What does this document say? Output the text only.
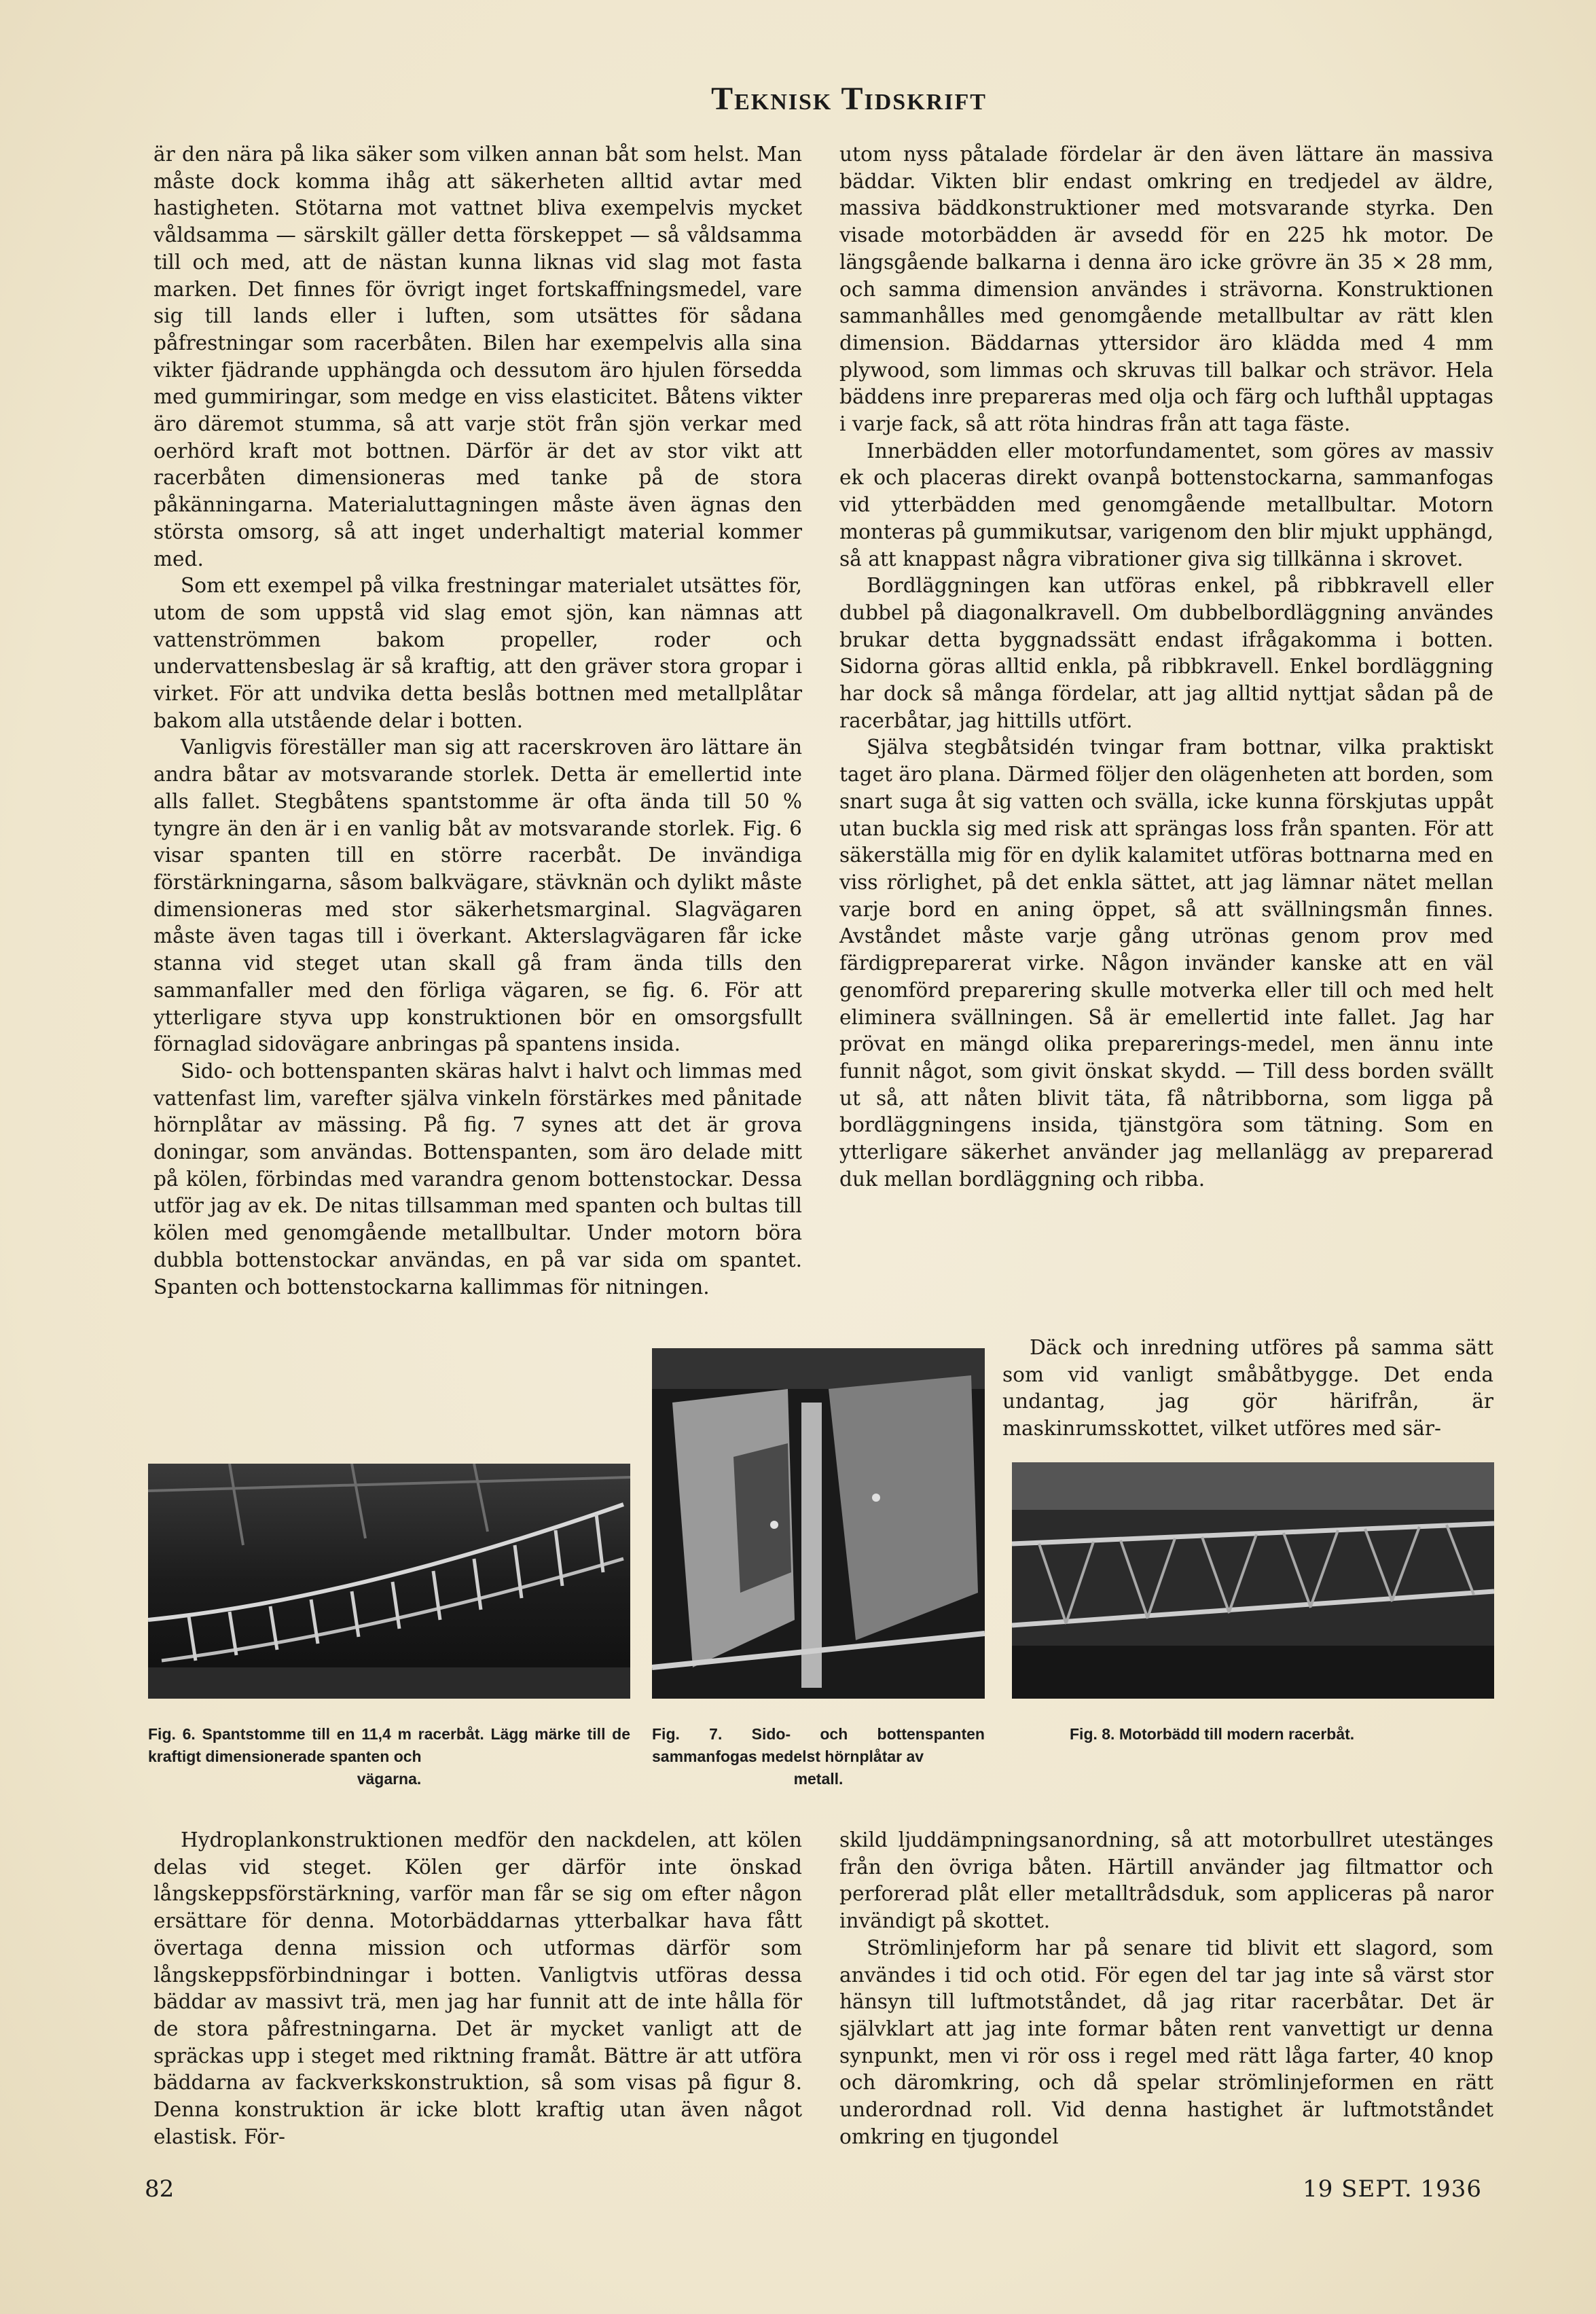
Teknisk Tidskrift

är den nära på lika säker som vilken annan båt som helst. Man måste dock komma ihåg att säkerheten alltid avtar med hastigheten. Stötarna mot vattnet bliva exempelvis mycket våldsamma — särskilt gäller detta förskeppet — så våldsamma till och med, att de nästan kunna liknas vid slag mot fasta marken. Det finnes för övrigt inget fortskaffningsmedel, vare sig till lands eller i luften, som utsättes för sådana påfrestningar som racerbåten. Bilen har exempelvis alla sina vikter fjädrande upphängda och dessutom äro hjulen försedda med gummiringar, som medge en viss elasticitet. Båtens vikter äro däremot stumma, så att varje stöt från sjön verkar med oerhörd kraft mot bottnen. Därför är det av stor vikt att racerbåten dimensioneras med tanke på de stora påkänningarna. Materialuttagningen måste även ägnas den största omsorg, så att inget underhaltigt material kommer med.

Som ett exempel på vilka frestningar materialet utsättes för, utom de som uppstå vid slag emot sjön, kan nämnas att vattenströmmen bakom propeller, roder och undervattensbeslag är så kraftig, att den gräver stora gropar i virket. För att undvika detta beslås bottnen med metallplåtar bakom alla utstående delar i botten.

Vanligvis föreställer man sig att racerskroven äro lättare än andra båtar av motsvarande storlek. Detta är emellertid inte alls fallet. Stegbåtens spantstomme är ofta ända till 50 % tyngre än den är i en vanlig båt av motsvarande storlek. Fig. 6 visar spanten till en större racerbåt. De invändiga förstärkningarna, såsom balkvägare, stävknän och dylikt måste dimensioneras med stor säkerhetsmarginal. Slagvägaren måste även tagas till i överkant. Akterslagvägaren får icke stanna vid steget utan skall gå fram ända tills den sammanfaller med den förliga vägaren, se fig. 6. För att ytterligare styva upp konstruktionen bör en omsorgsfullt förnaglad sidovägare anbringas på spantens insida.

Sido- och bottenspanten skäras halvt i halvt och limmas med vattenfast lim, varefter själva vinkeln förstärkes med pånitade hörnplåtar av mässing. På fig. 7 synes att det är grova doningar, som användas. Bottenspanten, som äro delade mitt på kölen, förbindas med varandra genom bottenstockar. Dessa utför jag av ek. De nitas tillsamman med spanten och bultas till kölen med genomgående metallbultar. Under motorn böra dubbla bottenstockar användas, en på var sida om spantet. Spanten och bottenstockarna kallimmas för nitningen.

utom nyss påtalade fördelar är den även lättare än massiva bäddar. Vikten blir endast omkring en tredjedel av äldre, massiva bäddkonstruktioner med motsvarande styrka. Den visade motorbädden är avsedd för en 225 hk motor. De längsgående balkarna i denna äro icke grövre än 35 × 28 mm, och samma dimension användes i strävorna. Konstruktionen sammanhålles med genomgående metallbultar av rätt klen dimension. Bäddarnas yttersidor äro klädda med 4 mm plywood, som limmas och skruvas till balkar och strävor. Hela bäddens inre prepareras med olja och färg och lufthål upptagas i varje fack, så att röta hindras från att taga fäste.

Innerbädden eller motorfundamentet, som göres av massiv ek och placeras direkt ovanpå bottenstockarna, sammanfogas vid ytterbädden med genomgående metallbultar. Motorn monteras på gummikutsar, varigenom den blir mjukt upphängd, så att knappast några vibrationer giva sig tillkänna i skrovet.

Bordläggningen kan utföras enkel, på ribbkravell eller dubbel på diagonalkravell. Om dubbelbordläggning användes brukar detta byggnadssätt endast ifrågakomma i botten. Sidorna göras alltid enkla, på ribbkravell. Enkel bordläggning har dock så många fördelar, att jag alltid nyttjat sådan på de racerbåtar, jag hittills utfört.

Själva stegbåtsidén tvingar fram bottnar, vilka praktiskt taget äro plana. Därmed följer den olägenheten att borden, som snart suga åt sig vatten och svälla, icke kunna förskjutas uppåt utan buckla sig med risk att sprängas loss från spanten. För att säkerställa mig för en dylik kalamitet utföras bottnarna med en viss rörlighet, på det enkla sättet, att jag lämnar nätet mellan varje bord en aning öppet, så att svällningsmån finnes. Avståndet måste varje gång utrönas genom prov med färdigpreparerat virke. Någon invänder kanske att en väl genomförd preparering skulle motverka eller till och med helt eliminera svällningen. Så är emellertid inte fallet. Jag har prövat en mängd olika preparerings-medel, men ännu inte funnit något, som givit önskat skydd. — Till dess borden svällt ut så, att nåten blivit täta, få nåtribborna, som ligga på bordläggningens insida, tjänstgöra som tätning. Som en ytterligare säkerhet använder jag mellanlägg av preparerad duk mellan bordläggning och ribba.

Däck och inredning utföres på samma sätt som vid vanligt småbåtbygge. Det enda undantag, jag gör härifrån, är maskinrumsskottet, vilket utföres med sär-

Fig. 6. Spantstomme till en 11,4 m racerbåt. Lägg märke till de kraftigt dimensionerade spanten och
vägarna.
Fig. 7. Sido- och bottenspanten sammanfogas medelst hörnplåtar av
metall.
Fig. 8. Motorbädd till modern racerbåt.

Hydroplankonstruktionen medför den nackdelen, att kölen delas vid steget. Kölen ger därför inte önskad långskeppsförstärkning, varför man får se sig om efter någon ersättare för denna. Motorbäddarnas ytterbalkar hava fått övertaga denna mission och utformas därför som långskeppsförbindningar i botten. Vanligtvis utföras dessa bäddar av massivt trä, men jag har funnit att de inte hålla för de stora påfrestningarna. Det är mycket vanligt att de spräckas upp i steget med riktning framåt. Bättre är att utföra bäddarna av fackverkskonstruktion, så som visas på figur 8. Denna konstruktion är icke blott kraftig utan även något elastisk. För-

skild ljuddämpningsanordning, så att motorbullret utestänges från den övriga båten. Härtill använder jag filtmattor och perforerad plåt eller metalltrådsduk, som appliceras på naror invändigt på skottet.

Strömlinjeform har på senare tid blivit ett slagord, som användes i tid och otid. För egen del tar jag inte så värst stor hänsyn till luftmotståndet, då jag ritar racerbåtar. Det är självklart att jag inte formar båten rent vanvettigt ur denna synpunkt, men vi rör oss i regel med rätt låga farter, 40 knop och däromkring, och då spelar strömlinjeformen en rätt underordnad roll. Vid denna hastighet är luftmotståndet omkring en tjugondel

82	19 SEPT. 1936
